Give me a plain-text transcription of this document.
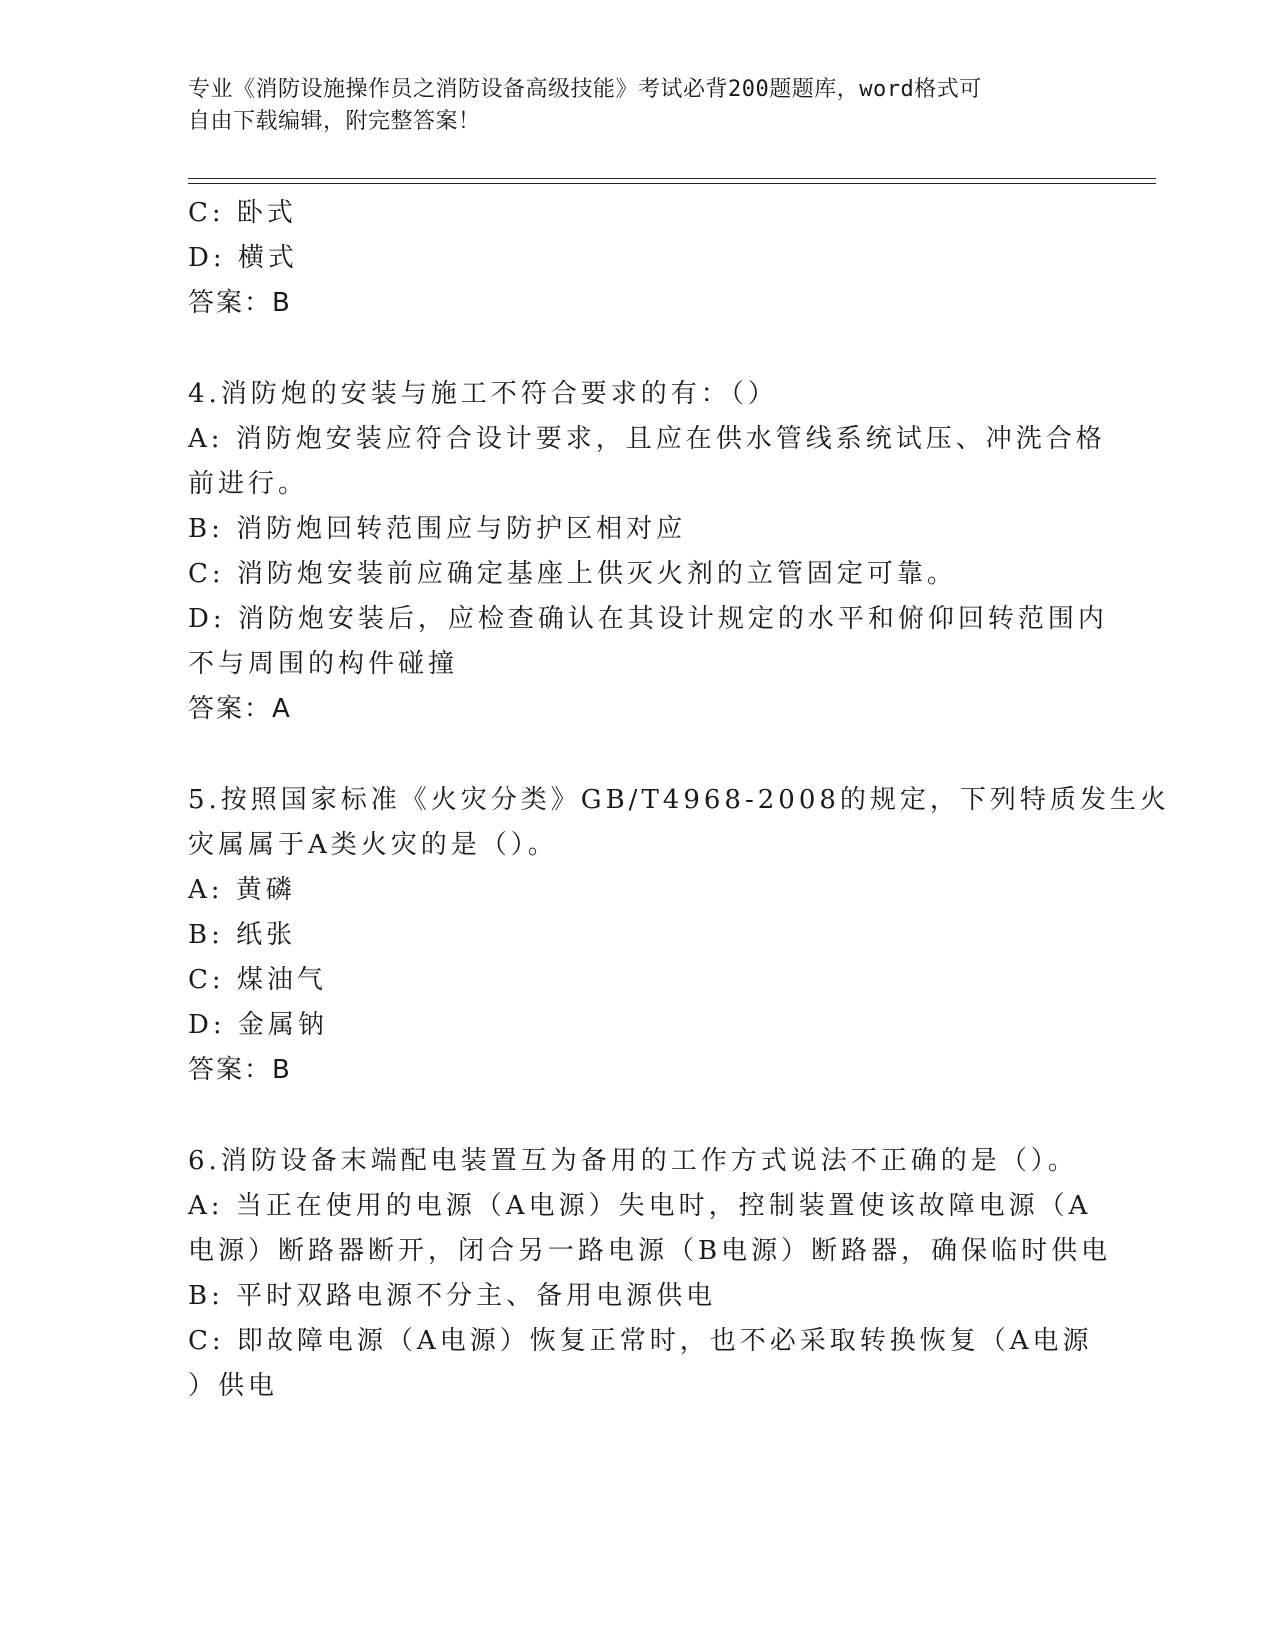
专业《消防设施操作员之消防设备高级技能》考试必背200题题库，word格式可
自由下载编辑，附完整答案！
C: 卧式
D: 横式
答案：B
4.消防炮的安装与施工不符合要求的有：（）
A: 消防炮安装应符合设计要求，且应在供水管线系统试压、冲洗合格
前进行。
B: 消防炮回转范围应与防护区相对应
C: 消防炮安装前应确定基座上供灭火剂的立管固定可靠。
D: 消防炮安装后，应检查确认在其设计规定的水平和俯仰回转范围内
不与周围的构件碰撞
答案：A
5.按照国家标准《火灾分类》GB/T4968-2008的规定，下列特质发生火
灾属属于A类火灾的是（）。
A: 黄磷
B: 纸张
C: 煤油气
D: 金属钠
答案：B
6.消防设备末端配电装置互为备用的工作方式说法不正确的是（）。
A: 当正在使用的电源（A电源）失电时，控制装置使该故障电源（A
电源）断路器断开，闭合另一路电源（B电源）断路器，确保临时供电
B: 平时双路电源不分主、备用电源供电
C: 即故障电源（A电源）恢复正常时，也不必采取转换恢复（A电源
）供电
